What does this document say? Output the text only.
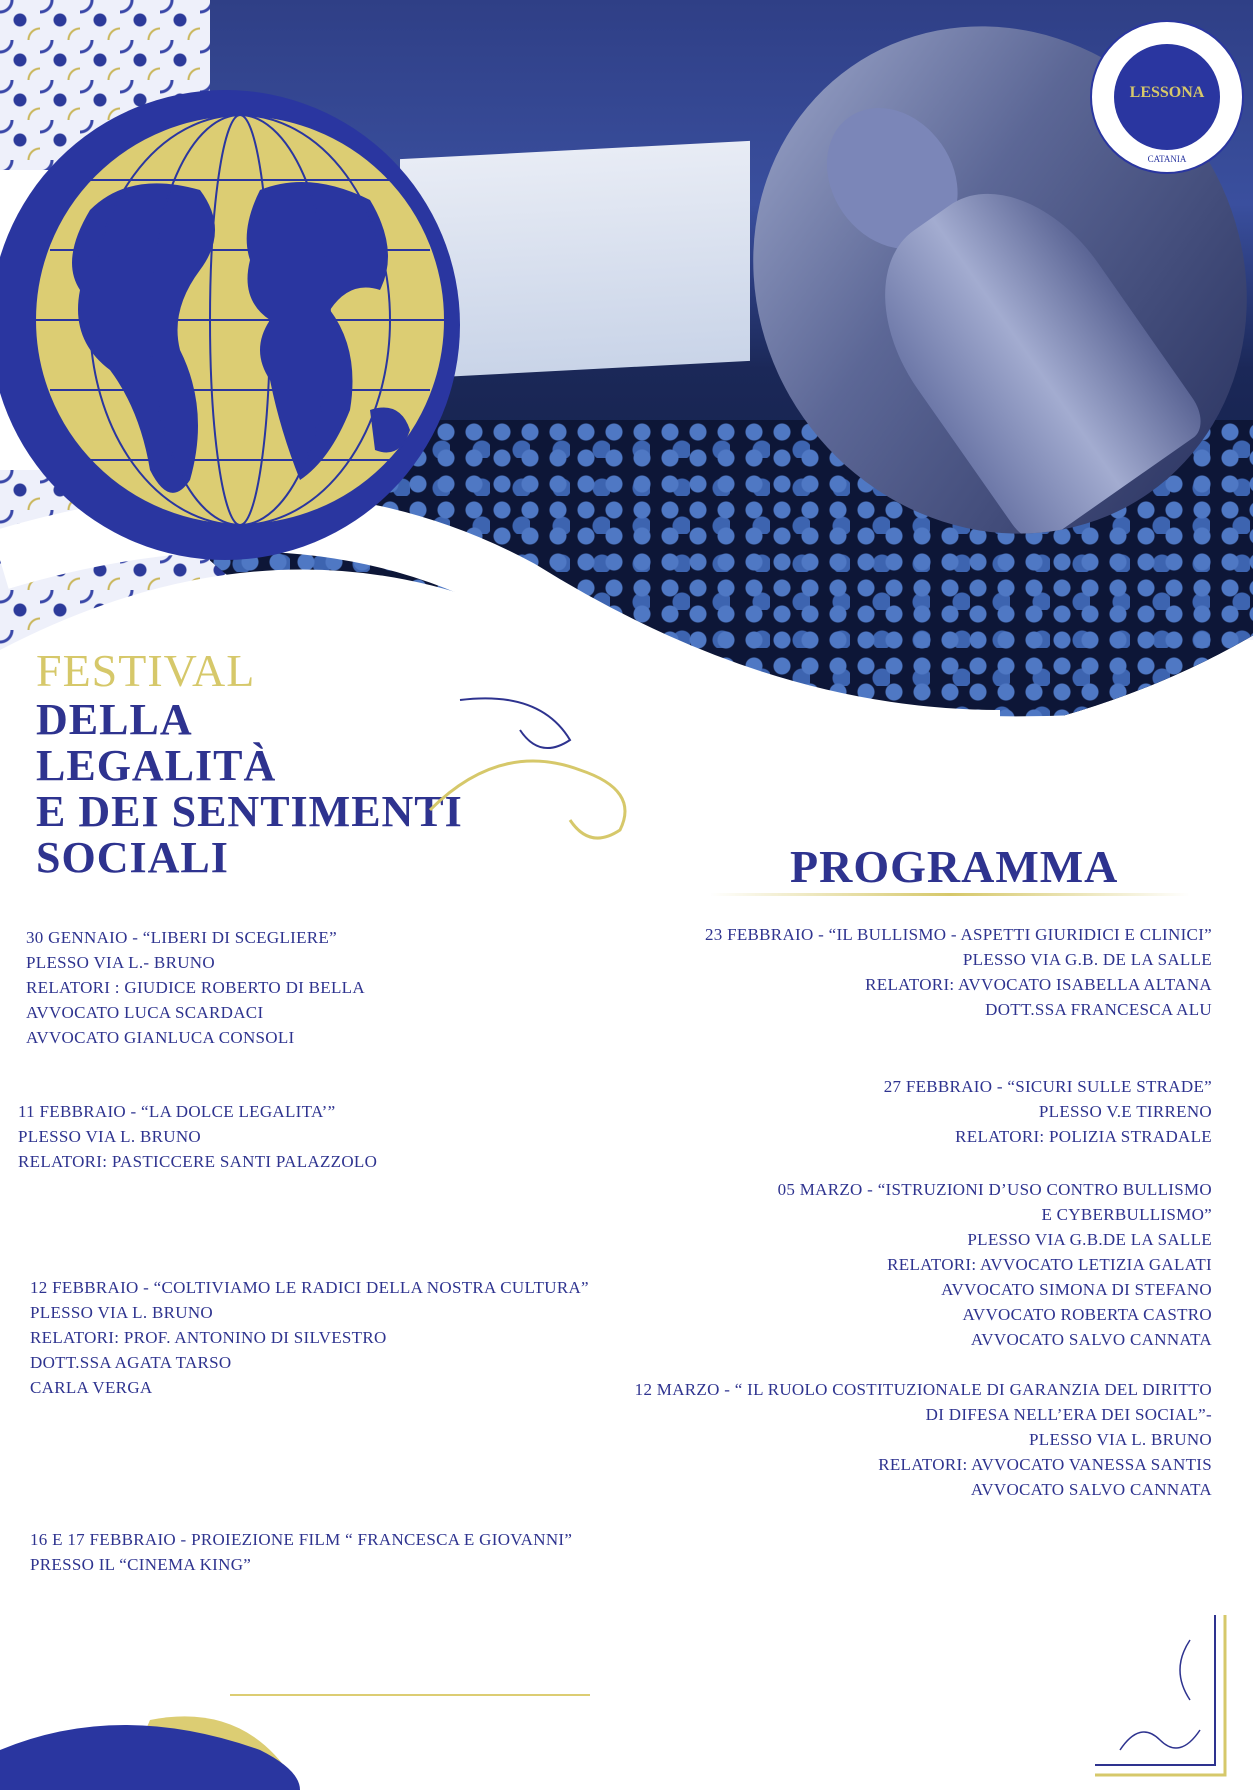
LESSONA
CATANIA
FESTIVAL
DELLA
LEGALITÀ
E DEI SENTIMENTI
SOCIALI	PROGRAMMA
30 GENNAIO - “LIBERI DI SCEGLIERE”
PLESSO VIA L.- BRUNO
RELATORI : GIUDICE ROBERTO DI BELLA
AVVOCATO LUCA SCARDACI
AVVOCATO GIANLUCA CONSOLI
11 FEBBRAIO - “LA DOLCE LEGALITA’”
PLESSO VIA L. BRUNO
RELATORI: PASTICCERE SANTI PALAZZOLO
12 FEBBRAIO - “COLTIVIAMO LE RADICI DELLA NOSTRA CULTURA”
PLESSO VIA L. BRUNO
RELATORI: PROF. ANTONINO DI SILVESTRO
DOTT.SSA AGATA TARSO
CARLA VERGA
16 E 17 FEBBRAIO - PROIEZIONE FILM “ FRANCESCA E GIOVANNI”
PRESSO IL “CINEMA KING”
23 FEBBRAIO - “IL BULLISMO - ASPETTI GIURIDICI E CLINICI”
PLESSO VIA G.B. DE LA SALLE
RELATORI: AVVOCATO ISABELLA ALTANA
DOTT.SSA FRANCESCA ALU
27 FEBBRAIO - “SICURI SULLE STRADE”
PLESSO V.E TIRRENO
RELATORI: POLIZIA STRADALE
05 MARZO - “ISTRUZIONI D’USO CONTRO BULLISMO
E CYBERBULLISMO”
PLESSO VIA G.B.DE LA SALLE
RELATORI: AVVOCATO LETIZIA GALATI
AVVOCATO SIMONA DI STEFANO
AVVOCATO ROBERTA CASTRO
AVVOCATO SALVO CANNATA
12 MARZO - “ IL RUOLO COSTITUZIONALE DI GARANZIA DEL DIRITTO
DI DIFESA NELL’ERA DEI SOCIAL”-
PLESSO VIA L. BRUNO
RELATORI: AVVOCATO VANESSA SANTIS
AVVOCATO SALVO CANNATA
